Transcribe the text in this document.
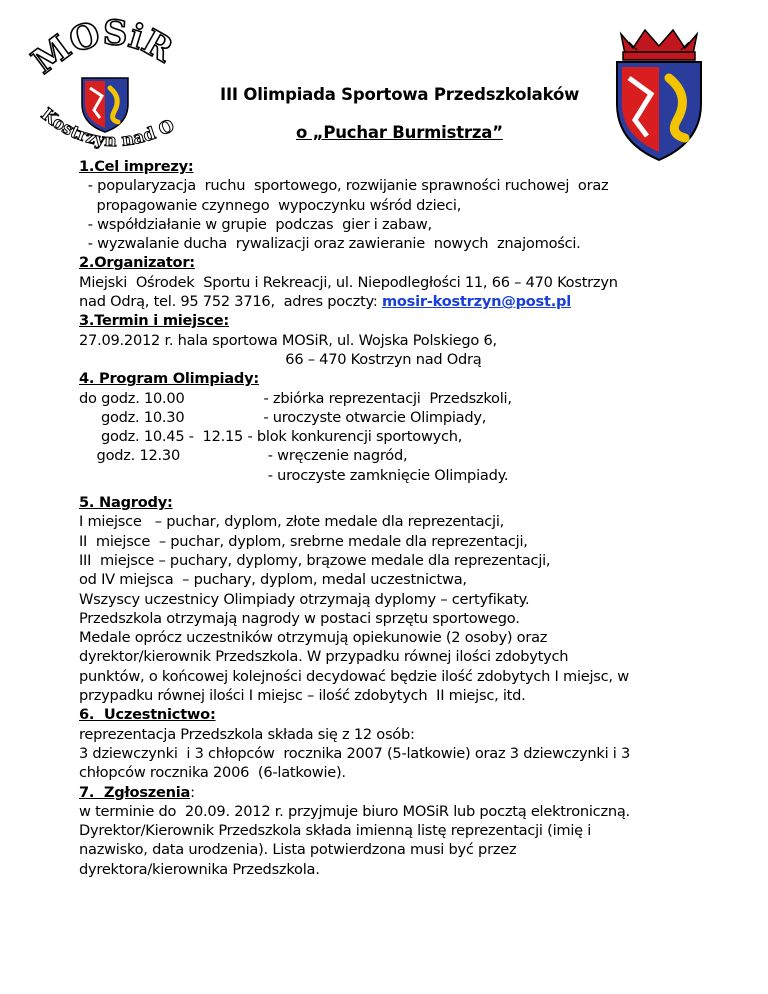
MOSiR
Kostrzyn nad O
III Olimpiada Sportowa Przedszkolaków
o „Puchar Burmistrza”
1.Cel imprezy:
- popularyzacja  ruchu  sportowego, rozwijanie sprawności ruchowej  oraz
propagowanie czynnego  wypoczynku wśród dzieci,
- współdziałanie w grupie  podczas  gier i zabaw,
- wyzwalanie ducha  rywalizacji oraz zawieranie  nowych  znajomości.
2.Organizator:
Miejski  Ośrodek  Sportu i Rekreacji, ul. Niepodległości 11, 66 – 470 Kostrzyn
nad Odrą, tel. 95 752 3716,  adres poczty: mosir-kostrzyn@post.pl
3.Termin i miejsce:
27.09.2012 r. hala sportowa MOSiR, ul. Wojska Polskiego 6,
66 – 470 Kostrzyn nad Odrą
4. Program Olimpiady:
do godz. 10.00                  - zbiórka reprezentacji  Przedszkoli,
godz. 10.30                  - uroczyste otwarcie Olimpiady,
godz. 10.45 -  12.15 - blok konkurencji sportowych,
godz. 12.30                    - wręczenie nagród,
- uroczyste zamknięcie Olimpiady.
5. Nagrody:
I miejsce   – puchar, dyplom, złote medale dla reprezentacji,
II  miejsce  – puchar, dyplom, srebrne medale dla reprezentacji,
III  miejsce – puchary, dyplomy, brązowe medale dla reprezentacji,
od IV miejsca  – puchary, dyplom, medal uczestnictwa,
Wszyscy uczestnicy Olimpiady otrzymają dyplomy – certyfikaty.
Przedszkola otrzymają nagrody w postaci sprzętu sportowego.
Medale oprócz uczestników otrzymują opiekunowie (2 osoby) oraz
dyrektor/kierownik Przedszkola. W przypadku równej ilości zdobytych
punktów, o końcowej kolejności decydować będzie ilość zdobytych I miejsc, w
przypadku równej ilości I miejsc – ilość zdobytych  II miejsc, itd.
6.  Uczestnictwo:
reprezentacja Przedszkola składa się z 12 osób:
3 dziewczynki  i 3 chłopców  rocznika 2007 (5-latkowie) oraz 3 dziewczynki i 3
chłopców rocznika 2006  (6-latkowie).
7.  Zgłoszenia:
w terminie do  20.09. 2012 r. przyjmuje biuro MOSiR lub pocztą elektroniczną.
Dyrektor/Kierownik Przedszkola składa imienną listę reprezentacji (imię i
nazwisko, data urodzenia). Lista potwierdzona musi być przez
dyrektora/kierownika Przedszkola.
